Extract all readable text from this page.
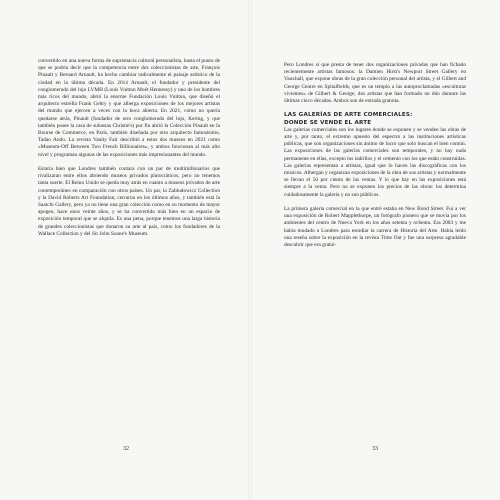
convertido en una nueva forma de supremacía cultural personalista, hasta el punto de que se podría decir que la competencia entre dos coleccionistas de arte, François Pinault y Bernard Arnault, ha hecho cambiar radicalmente el paisaje artístico de la ciudad en la última década. En 2014 Arnault, el fundador y presidente del conglomerado del lujo LVMH (Louis Vuitton Moët Hennessy) y uno de los hombres más ricos del mundo, abrió la enorme Fundación Louis Vuitton, que diseñó el arquitecto estrella Frank Gehry y que alberga exposiciones de los mejores artistas del mundo que ejercen a veces con la boca abierta. En 2021, como no quería quedarse atrás, Pinault (fundador de otro conglomerado del lujo, Kering, y que también posee la casa de subastas Christie's) por fin abrió la Colección Pinault en la Bourse de Commerce, en París, también diseñada por otro arquitecto famosísimo, Tadao Ando. La revista Vanity Fair describió a estos dos museos en 2021 como «Museum-Off Between Two French Billionaires», y ambos funcionan al más alto nivel y programan algunas de las exposiciones más impresionantes del mundo.

Estaría bien que Londres también contara con un par de multimillonarios que rivalizaran entre ellos abriendo museos privados plutocráticos, pero no tenemos tanta suerte. El Reino Unido se queda muy atrás en cuanto a museos privados de arte contemporáneo en comparación con otros países. Un par, la Zabludowicz Collection y la David Roberts Art Foundation, cerraron en los últimos años, y también está la Saatchi Gallery, pero ya no tiene una gran colección como en su momento de mayor apogeo, hace unos veinte años, y se ha convertido más bien en un espacio de exposición temporal que se alquila. Es una pena, porque tenemos una larga historia de grandes coleccionistas que donaron su arte al país, como los fundadores de la Wallace Collection y del Sir John Soane's Museum.

32

Pero Londres sí que presta de tener dos organizaciones privadas que han fichado recientemente artistas famosos: la Damien Hirst's Newport Street Gallery en Vauxhall, que expone obras de la gran colección personal del artista, y el Gilbert and George Centre en Spitalfields, que es un templo a las autoproclamadas «esculturas vivientes» de Gilbert & George, dos artistas que han formado un dúo durante las últimas cinco décadas. Ambos son de entrada gratuita.

LAS GALERÍAS DE ARTE COMERCIALES:
DONDE SE VENDE EL ARTE

Las galerías comerciales son los lugares donde se exponen y se venden las obras de arte y, por tanto, el extremo opuesto del espectro a las instituciones artísticas públicas, que son organizaciones sin ánimo de lucro que solo buscan el bien común. Las exposiciones de las galerías comerciales son temporales, y no hay nada permanente en ellas, excepto los ladrillos y el cemento con los que están construidas. Las galerías representan a artistas, igual que lo hacen las discográficas con los músicos. Albergan y organizan exposiciones de la obra de sus artistas y normalmente se llevan el 50 por ciento de las ventas. Y lo que hay en las exposiciones está siempre a la venta. Pero no se exponen los precios de las obras: los determina cuidadosamente la galería y no son públicos.

La primera galería comercial en la que entré estaba en New Bond Street. Fui a ver una exposición de Robert Mapplethorpe, un fotógrafo pionero que se movía por los ambientes del centro de Nueva York en los años setenta y ochenta. Era 2003 y me había mudado a Londres para estudiar la carrera de Historia del Arte. Había leído una reseña sobre la exposición en la revista Time Out y fue una sorpresa agradable descubrir que era gratui-

33
